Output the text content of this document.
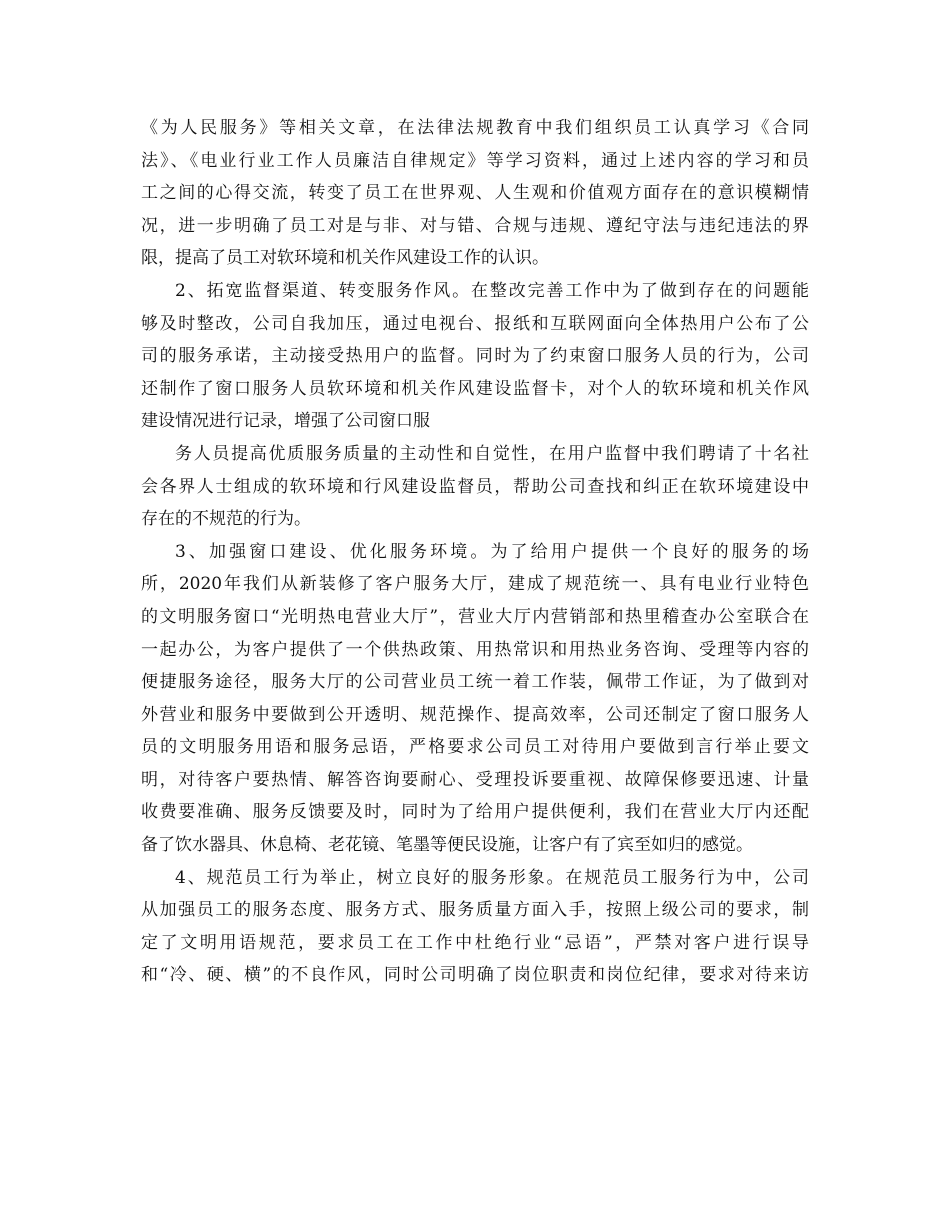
《为人民服务》等相关文章，在法律法规教育中我们组织员工认真学习《合同
法》、《电业行业工作人员廉洁自律规定》等学习资料，通过上述内容的学习和员
工之间的心得交流，转变了员工在世界观、人生观和价值观方面存在的意识模糊情
况，进一步明确了员工对是与非、对与错、合规与违规、遵纪守法与违纪违法的界
限，提高了员工对软环境和机关作风建设工作的认识。
2、拓宽监督渠道、转变服务作风。在整改完善工作中为了做到存在的问题能
够及时整改，公司自我加压，通过电视台、报纸和互联网面向全体热用户公布了公
司的服务承诺，主动接受热用户的监督。同时为了约束窗口服务人员的行为，公司
还制作了窗口服务人员软环境和机关作风建设监督卡，对个人的软环境和机关作风
建设情况进行记录，增强了公司窗口服
务人员提高优质服务质量的主动性和自觉性，在用户监督中我们聘请了十名社
会各界人士组成的软环境和行风建设监督员，帮助公司查找和纠正在软环境建设中
存在的不规范的行为。
3、加强窗口建设、优化服务环境。为了给用户提供一个良好的服务的场
所，2020年我们从新装修了客户服务大厅，建成了规范统一、具有电业行业特色
的文明服务窗口“光明热电营业大厅”，营业大厅内营销部和热里稽查办公室联合在
一起办公，为客户提供了一个供热政策、用热常识和用热业务咨询、受理等内容的
便捷服务途径，服务大厅的公司营业员工统一着工作装，佩带工作证，为了做到对
外营业和服务中要做到公开透明、规范操作、提高效率，公司还制定了窗口服务人
员的文明服务用语和服务忌语，严格要求公司员工对待用户要做到言行举止要文
明，对待客户要热情、解答咨询要耐心、受理投诉要重视、故障保修要迅速、计量
收费要准确、服务反馈要及时，同时为了给用户提供便利，我们在营业大厅内还配
备了饮水器具、休息椅、老花镜、笔墨等便民设施，让客户有了宾至如归的感觉。
4、规范员工行为举止，树立良好的服务形象。在规范员工服务行为中，公司
从加强员工的服务态度、服务方式、服务质量方面入手，按照上级公司的要求，制
定了文明用语规范，要求员工在工作中杜绝行业“忌语”，严禁对客户进行误导
和“冷、硬、横”的不良作风，同时公司明确了岗位职责和岗位纪律，要求对待来访
